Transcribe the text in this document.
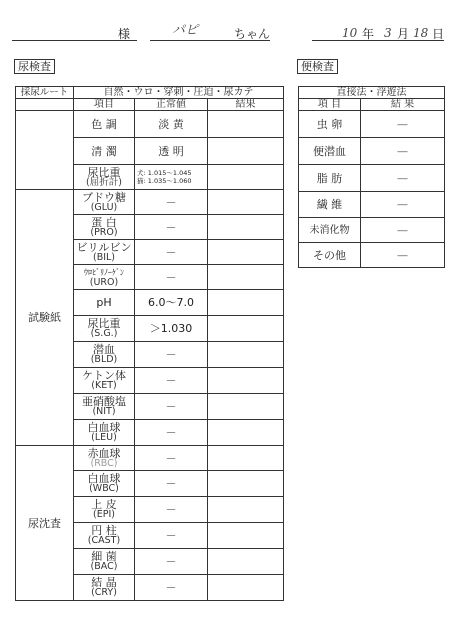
様	パピ	ちゃん	10 年 3 月 18 日
尿検査	便検査
採尿ルート	自然・ウロ・穿刺・圧迫・尿カテ		
	項目	正常値	結果
	色 調	淡 黄	
	清 濁	透 明	
	尿比重
(屈折計)	犬: 1.015～1.045
猫: 1.035～1.060	

試験紙	ブドウ糖
(GLU)	－	
	蛋 白
(PRO)	－	
	ビリルビン
(BIL)	－	
	ｳﾛﾋﾞﾘﾉｰｹﾞﾝ
(URO)	－	
	pH	6.0～7.0	
	尿比重
(S.G.)	＞1.030	
	潜血
(BLD)	－	
	ケトン体
(KET)	－	
	亜硝酸塩
(NIT)	－	
	白血球
(LEU)	－	
尿沈査	赤血球
(RBC)	－	
	白血球
(WBC)	－	
	上 皮
(EPI)	－	
	円 柱
(CAST)	－	
	細 菌
(BAC)	－	
	結 晶
(CRY)	－	
直接法・浮遊法	
項 目	結 果
虫 卵	—
便潜血	—
脂 肪	—
繊 維	—
未消化物	—
その他	—
